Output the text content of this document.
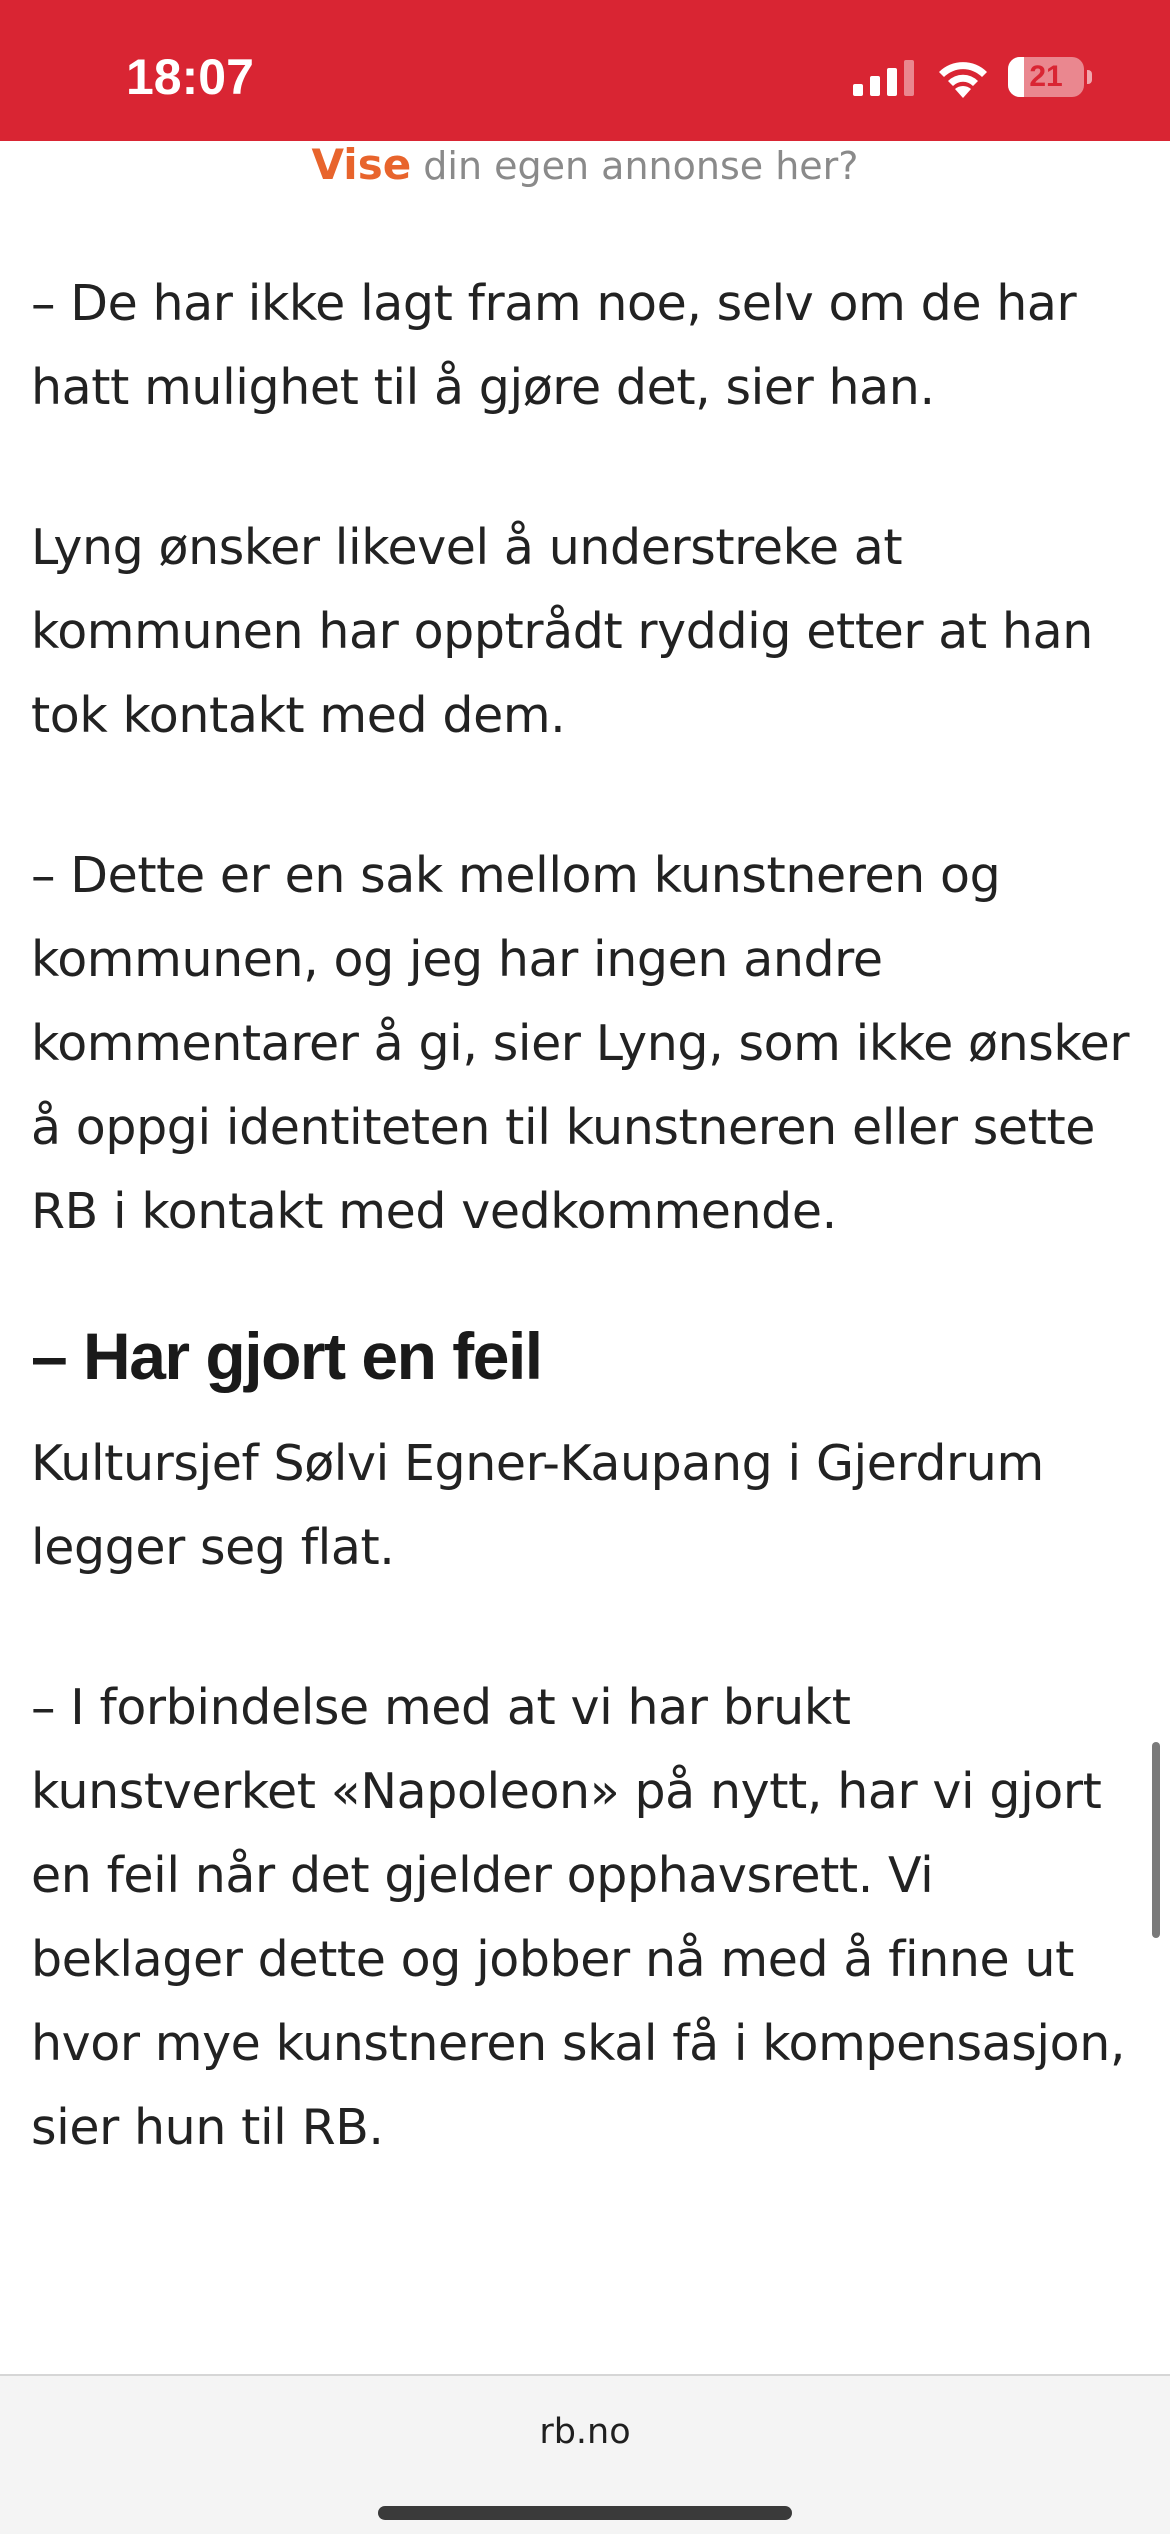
18:07	21
Vise din egen annonse her?

– De har ikke lagt fram noe, selv om de har hatt mulighet til å gjøre det, sier han.

Lyng ønsker likevel å understreke at kommunen har opptrådt ryddig etter at han tok kontakt med dem.

– Dette er en sak mellom kunstneren og kommunen, og jeg har ingen andre kommentarer å gi, sier Lyng, som ikke ønsker å oppgi identiteten til kunstneren eller sette RB i kontakt med vedkommende.

– Har gjort en feil

Kultursjef Sølvi Egner-Kaupang i Gjerdrum legger seg flat.

– I forbindelse med at vi har brukt kunstverket «Napoleon» på nytt, har vi gjort en feil når det gjelder opphavsrett. Vi beklager dette og jobber nå med å finne ut hvor mye kunstneren skal få i kompensasjon, sier hun til RB.

rb.no
